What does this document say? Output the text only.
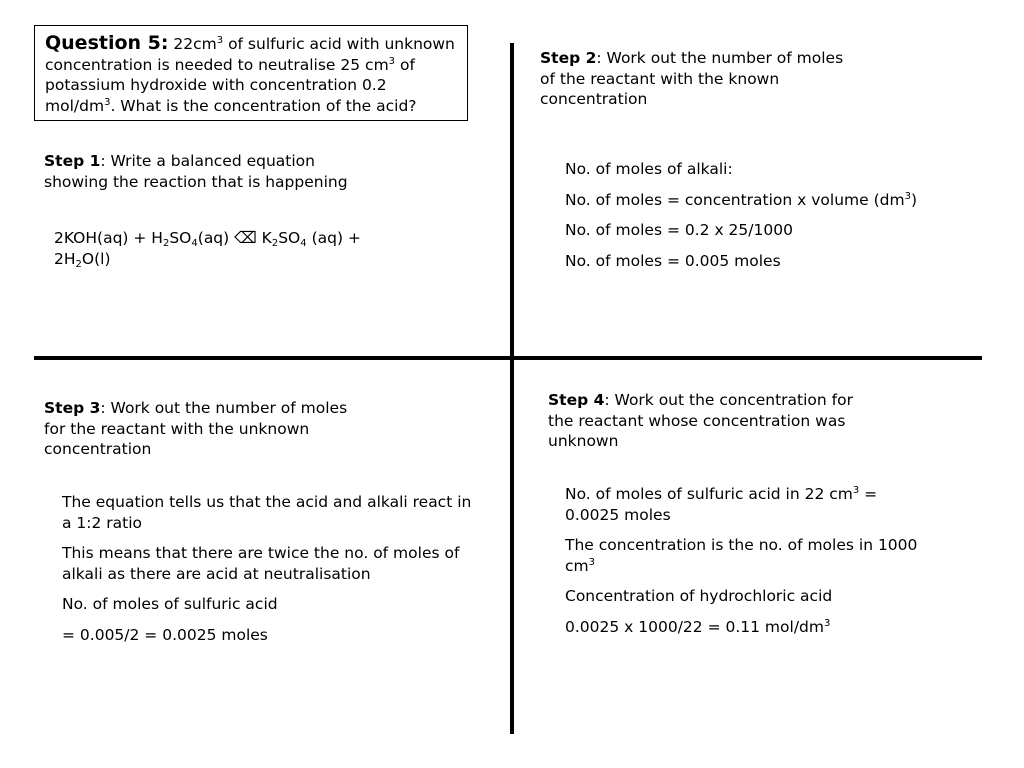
Question 5: $22cm^3$ of sulfuric acid with unknown concentration is needed to neutralise 25 $cm^3$ of potassium hydroxide with concentration 0.2 mol/$dm^3$. What is the concentration of the acid?
Step 1: Write a balanced equation showing the reaction that is happening
$2KOH(aq) + H_2SO_4(aq)$ ⌫ $K_2SO_4$ $(aq) + 2H_2O(l)$
Step 2: Work out the number of moles of the reactant with the known concentration

No. of moles of alkali:

No. of moles = concentration x volume $(dm^3)$

No. of moles = 0.2 x 25/1000

No. of moles = 0.005 moles

Step 3: Work out the number of moles for the reactant with the unknown concentration

The equation tells us that the acid and alkali react in a 1:2 ratio

This means that there are twice the no. of moles of alkali as there are acid at neutralisation

No. of moles of sulfuric acid

= 0.005/2 = 0.0025 moles

Step 4: Work out the concentration for the reactant whose concentration was unknown

No. of moles of sulfuric acid in 22 $cm^3 = 0.0025$ moles

The concentration is the no. of moles in 1000 $cm^3$

Concentration of hydrochloric acid

0.0025 x 1000/22 = 0.11 mol/$dm^3$
